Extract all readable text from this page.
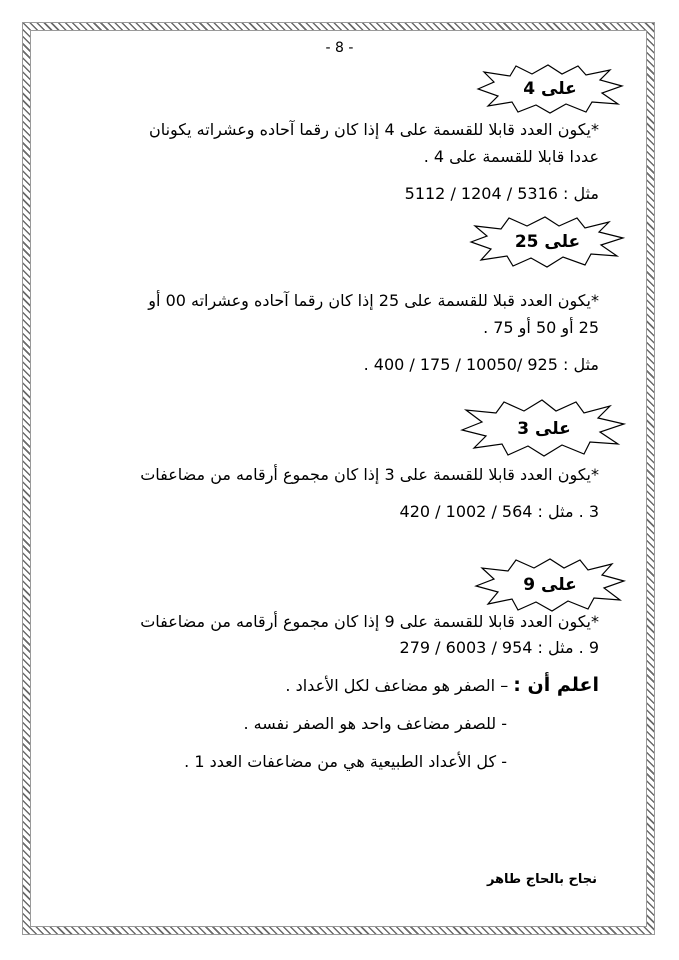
- 8 -
على 4
*يكون العدد قابلا للقسمة على 4 إذا كان رقما آحاده وعشراته يكونان
عددا قابلا للقسمة على 4 .
مثل : 5316 / 1204 / 5112
على 25
*يكون العدد قبلا للقسمة على 25 إذا كان رقما آحاده وعشراته 00 أو
25 أو 50 أو 75 .
مثل : 925 /10050 / 175 / 400 .
على 3
*يكون العدد قابلا للقسمة على 3 إذا كان مجموع أرقامه من مضاعفات
3 . مثل : 564 / 1002 / 420
على 9
*يكون العدد قابلا للقسمة على 9 إذا كان مجموع أرقامه من مضاعفات
9 . مثل : 954 / 6003 / 279
اعلم أن : – الصفر هو مضاعف لكل الأعداد .
- للصفر مضاعف واحد هو الصفر نفسه .
- كل الأعداد الطبيعية هي من مضاعفات العدد 1 .
نجاح بالحاج طاهر
